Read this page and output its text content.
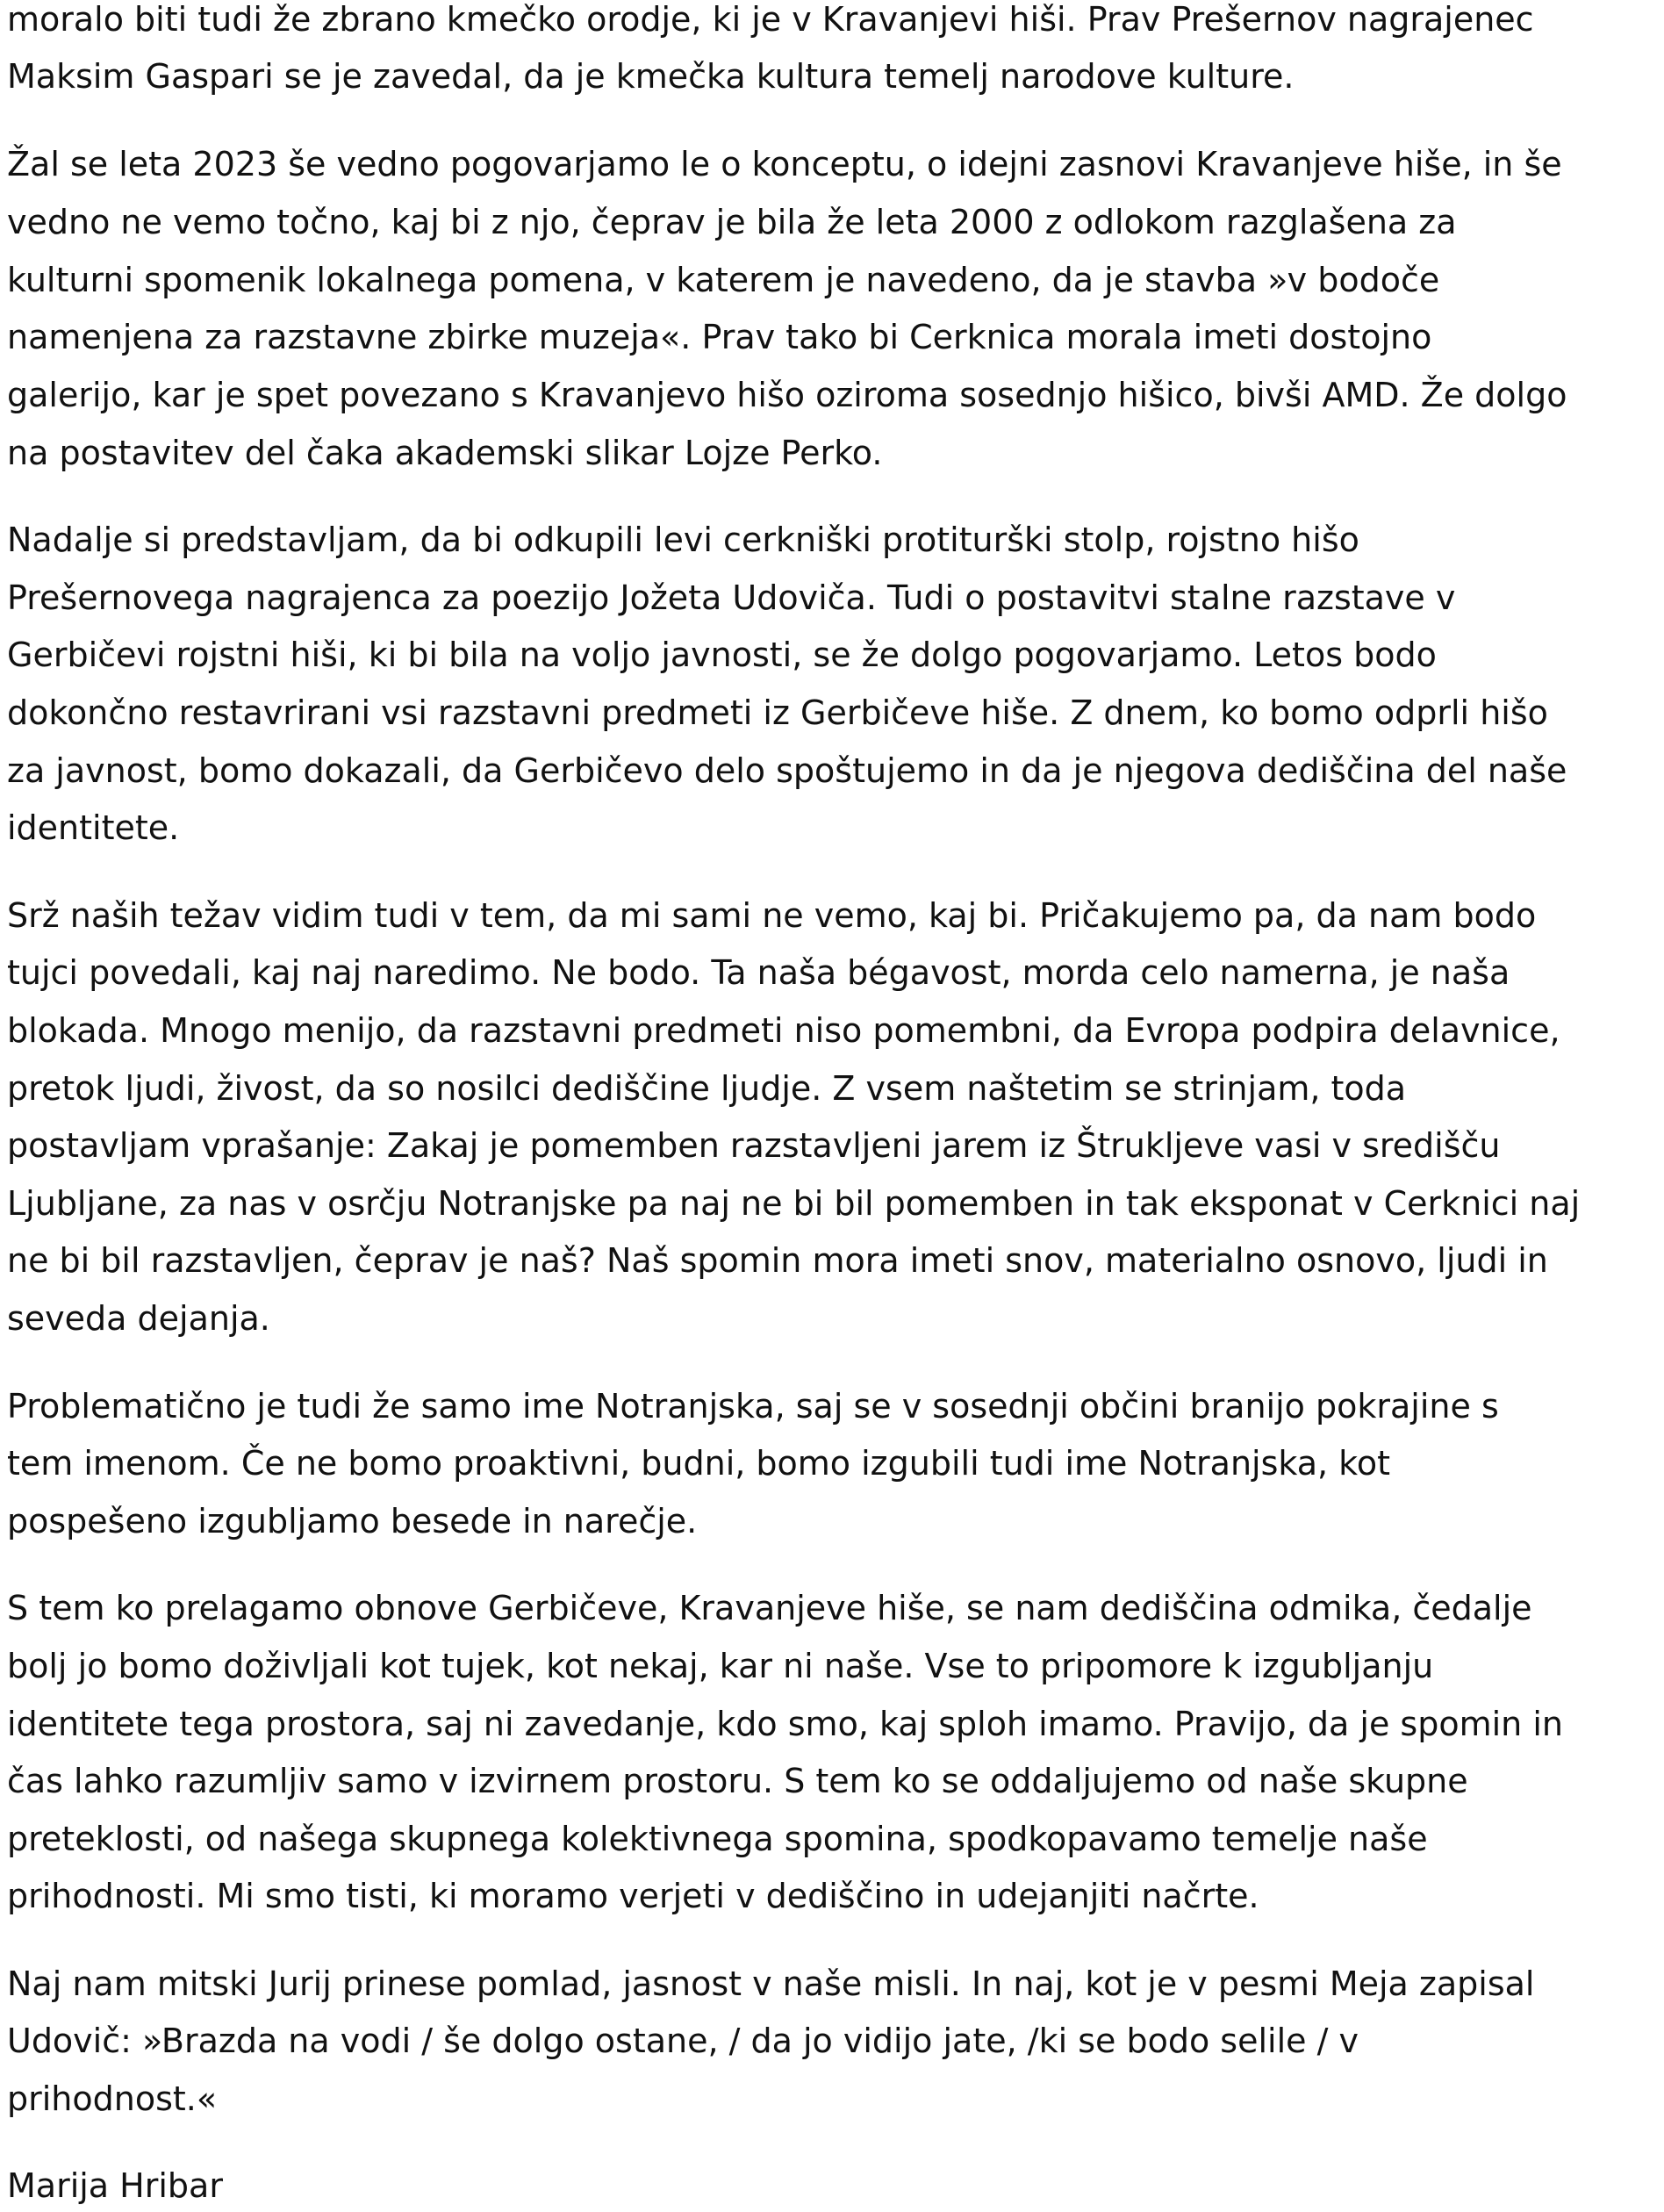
moralo biti tudi že zbrano kmečko orodje, ki je v Kravanjevi hiši. Prav Prešernov nagrajenec

Maksim Gaspari se je zavedal, da je kmečka kultura temelj narodove kulture.

Žal se leta 2023 še vedno pogovarjamo le o konceptu, o idejni zasnovi Kravanjeve hiše, in še

vedno ne vemo točno, kaj bi z njo, čeprav je bila že leta 2000 z odlokom razglašena za

kulturni spomenik lokalnega pomena, v katerem je navedeno, da je stavba »v bodoče

namenjena za razstavne zbirke muzeja«. Prav tako bi Cerknica morala imeti dostojno

galerijo, kar je spet povezano s Kravanjevo hišo oziroma sosednjo hišico, bivši AMD. Že dolgo

na postavitev del čaka akademski slikar Lojze Perko.

Nadalje si predstavljam, da bi odkupili levi cerkniški protiturški stolp, rojstno hišo

Prešernovega nagrajenca za poezijo Jožeta Udoviča. Tudi o postavitvi stalne razstave v

Gerbičevi rojstni hiši, ki bi bila na voljo javnosti, se že dolgo pogovarjamo. Letos bodo

dokončno restavrirani vsi razstavni predmeti iz Gerbičeve hiše. Z dnem, ko bomo odprli hišo

za javnost, bomo dokazali, da Gerbičevo delo spoštujemo in da je njegova dediščina del naše

identitete.

Srž naših težav vidim tudi v tem, da mi sami ne vemo, kaj bi. Pričakujemo pa, da nam bodo

tujci povedali, kaj naj naredimo. Ne bodo. Ta naša bégavost, morda celo namerna, je naša

blokada. Mnogo menijo, da razstavni predmeti niso pomembni, da Evropa podpira delavnice,

pretok ljudi, živost, da so nosilci dediščine ljudje. Z vsem naštetim se strinjam, toda

postavljam vprašanje: Zakaj je pomemben razstavljeni jarem iz Štrukljeve vasi v središču

Ljubljane, za nas v osrčju Notranjske pa naj ne bi bil pomemben in tak eksponat v Cerknici naj

ne bi bil razstavljen, čeprav je naš? Naš spomin mora imeti snov, materialno osnovo, ljudi in

seveda dejanja.

Problematično je tudi že samo ime Notranjska, saj se v sosednji občini branijo pokrajine s

tem imenom. Če ne bomo proaktivni, budni, bomo izgubili tudi ime Notranjska, kot

pospešeno izgubljamo besede in narečje.

S tem ko prelagamo obnove Gerbičeve, Kravanjeve hiše, se nam dediščina odmika, čedalje

bolj jo bomo doživljali kot tujek, kot nekaj, kar ni naše. Vse to pripomore k izgubljanju

identitete tega prostora, saj ni zavedanje, kdo smo, kaj sploh imamo. Pravijo, da je spomin in

čas lahko razumljiv samo v izvirnem prostoru. S tem ko se oddaljujemo od naše skupne

preteklosti, od našega skupnega kolektivnega spomina, spodkopavamo temelje naše

prihodnosti. Mi smo tisti, ki moramo verjeti v dediščino in udejanjiti načrte.

Naj nam mitski Jurij prinese pomlad, jasnost v naše misli. In naj, kot je v pesmi Meja zapisal

Udovič: »Brazda na vodi / še dolgo ostane, / da jo vidijo jate, /ki se bodo selile / v

prihodnost.«

Marija Hribar
